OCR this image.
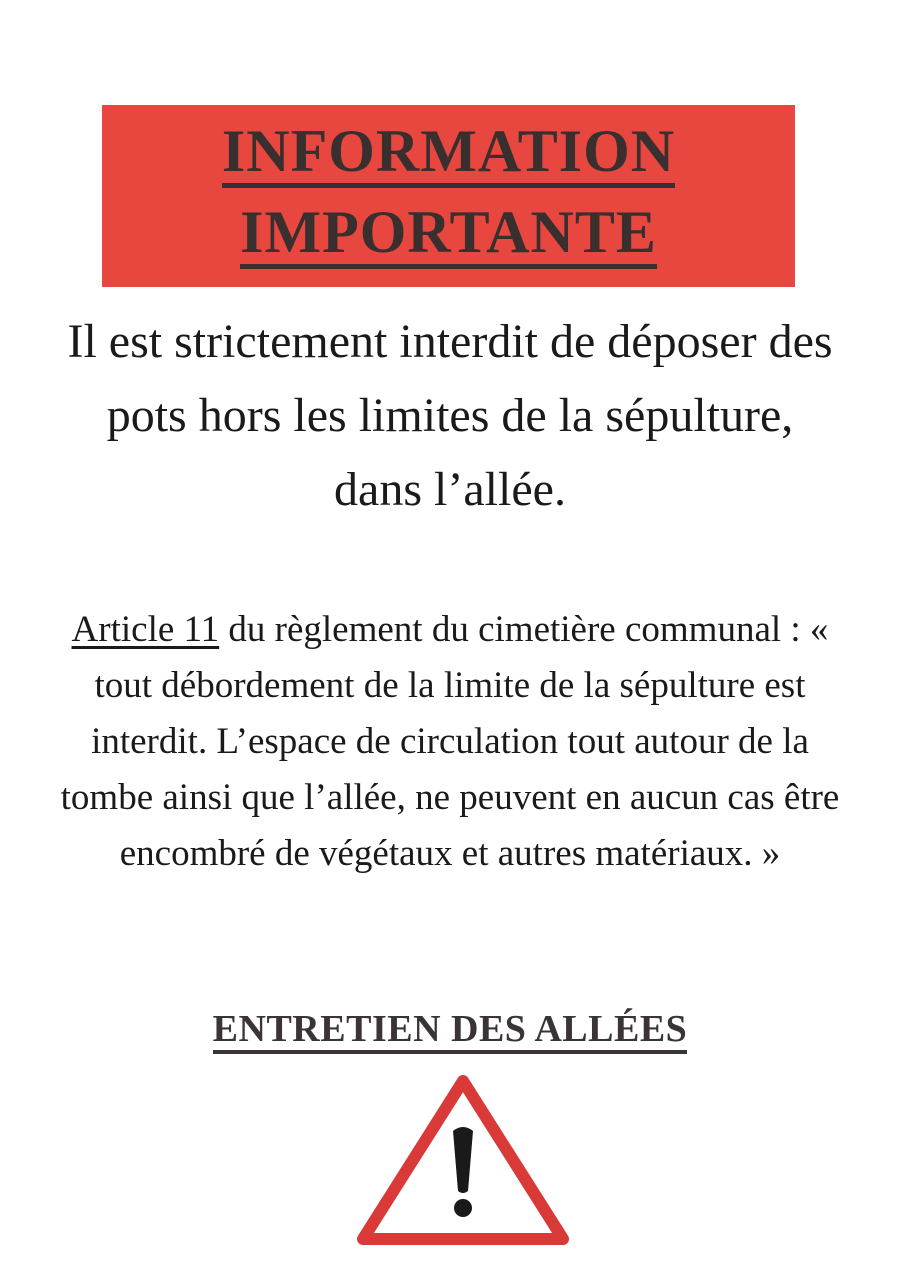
INFORMATION
IMPORTANTE

Il est strictement interdit de déposer des pots hors les limites de la sépulture, dans l’allée.

Article 11 du règlement du cimetière communal : « tout débordement de la limite de la sépulture est interdit. L’espace de circulation tout autour de la tombe ainsi que l’allée, ne peuvent en aucun cas être encombré de végétaux et autres matériaux. »

ENTRETIEN DES ALLÉES
